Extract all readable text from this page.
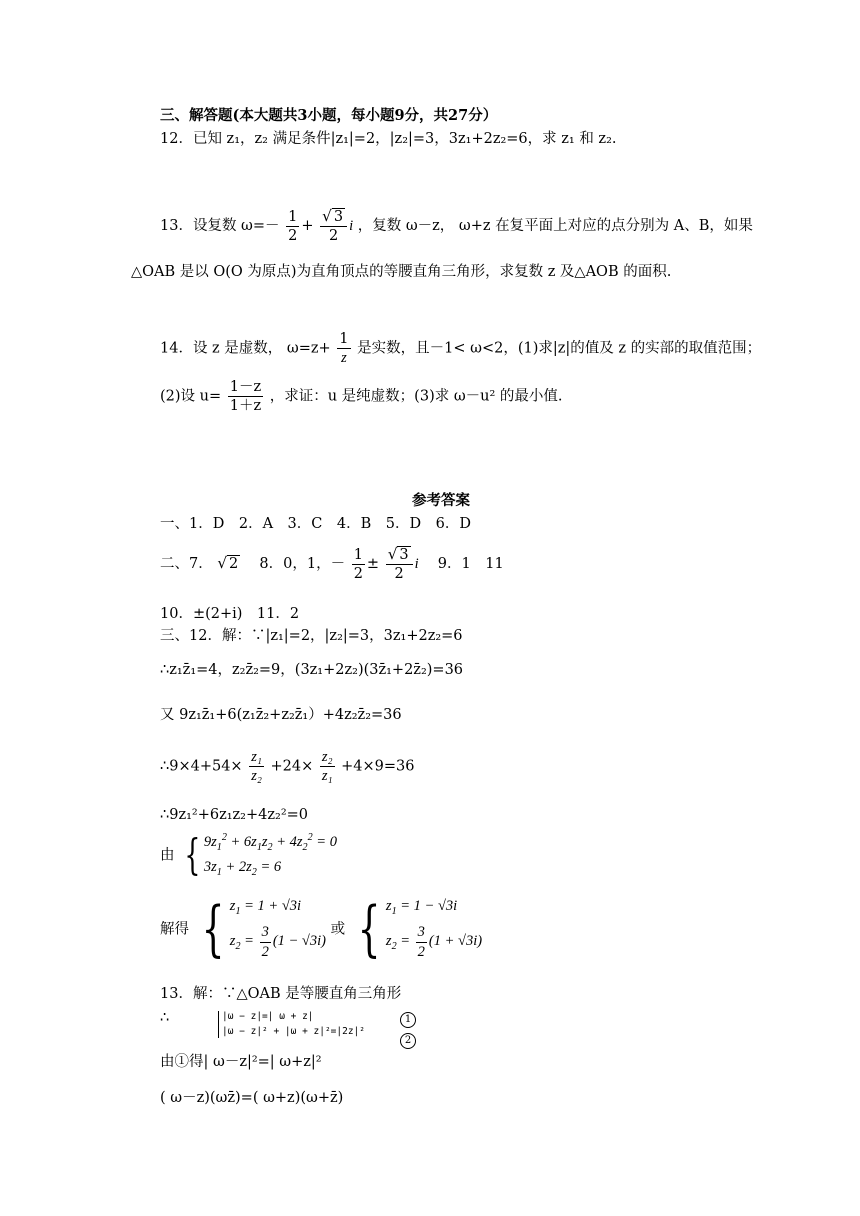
三、解答题(本大题共3小题，每小题9分，共27分）
12．已知 z₁，z₂ 满足条件|z₁|=2，|z₂|=3，3z₁+2z₂=6，求 z₁ 和 z₂.
13．设复数 $\omega=- \frac{1}{2} + \frac{√ 3}{2}$ i ，复数 ω－z， ω+z 在复平面上对应的点分别为 A、B，如果
△OAB 是以 O(O 为原点)为直角顶点的等腰直角三角形，求复数 z 及△AOB 的面积.
14．设 z 是虚数， $\omega=z+ \frac{1}{z}$ 是实数，且－1< ω<2，(1)求|z|的值及 z 的实部的取值范围；
(2)设 $u= \frac{1-z}{1+z}$ ，求证：u 是纯虚数；(3)求 ω－u² 的最小值.
参考答案
一、1．D　2．A　3．C　4．B　5．D　6．D
二、7． √ 2 　8．0，1，－ $\frac{1}{2} \pm \frac{√ 3}{2}$ i 　9．1　11
10．±(2+i)　11．2
三、12．解：∵|z₁|=2，|z₂|=3，3z₁+2z₂=6
∴z₁z̄₁=4，z₂z̄₂=9，(3z₁+2z₂)(3z̄₁+2z̄₂)=36
又 9z₁z̄₁+6(z₁z̄₂+z₂z̄₁）+4z₂z̄₂=36
∴9×4+54× $\frac{\text{z₁}}{\text{z₂}} +24\times \frac{\text{z₂}}{\text{z₁}} +4\times 9=36$
∴9z₁²+6z₁z₂+4z₂²=0
由 { $9z_1^2 + 6z_1z_2 + 4z_2^2 = 0$
$3z_1 + 2z_2 = 6$
解得 { $z_1 = 1 + √3i$
$z_2 = \frac{3}{2} (1 - √3i)$
或 { $z_1 = 1 - √3i$
$z_2 = \frac{3}{2} (1 + √3i)$
13．解：∵△OAB 是等腰直角三角形
∴	|ω − z|=| ω + z|
|ω − z|² + |ω + z|²=|2z|²
1
2
由①得| ω－z|²=| ω+z|²
( ω－z)(ωz̄)=( ω+z)(ω+z̄)
